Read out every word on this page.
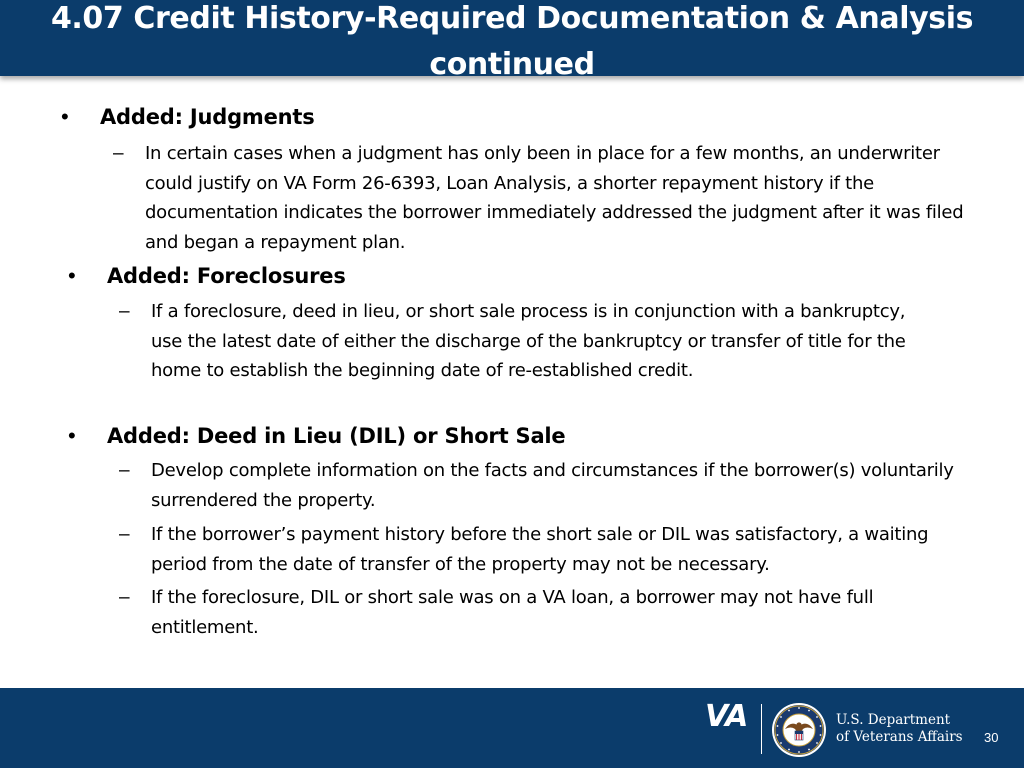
• Added: Judgments
– In certain cases when a judgment has only been in place for a few months, an underwriter could justify on VA Form 26-6393, Loan Analysis, a shorter repayment history if the documentation indicates the borrower immediately addressed the judgment after it was filed and began a repayment plan.
• Added: Foreclosures
– If a foreclosure, deed in lieu, or short sale process is in conjunction with a bankruptcy, use the latest date of either the discharge of the bankruptcy or transfer of title for the home to establish the beginning date of re-established credit.
• Added: Deed in Lieu (DIL) or Short Sale
– Develop complete information on the facts and circumstances if the borrower(s) voluntarily surrendered the property.
– If the borrower’s payment history before the short sale or DIL was satisfactory, a waiting period from the date of transfer of the property may not be necessary.
– If the foreclosure, DIL or short sale was on a VA loan, a borrower may not have full entitlement.
4.07 Credit History-Required Documentation & Analysis continued
VA	U.S. Department
of Veterans Affairs 30
